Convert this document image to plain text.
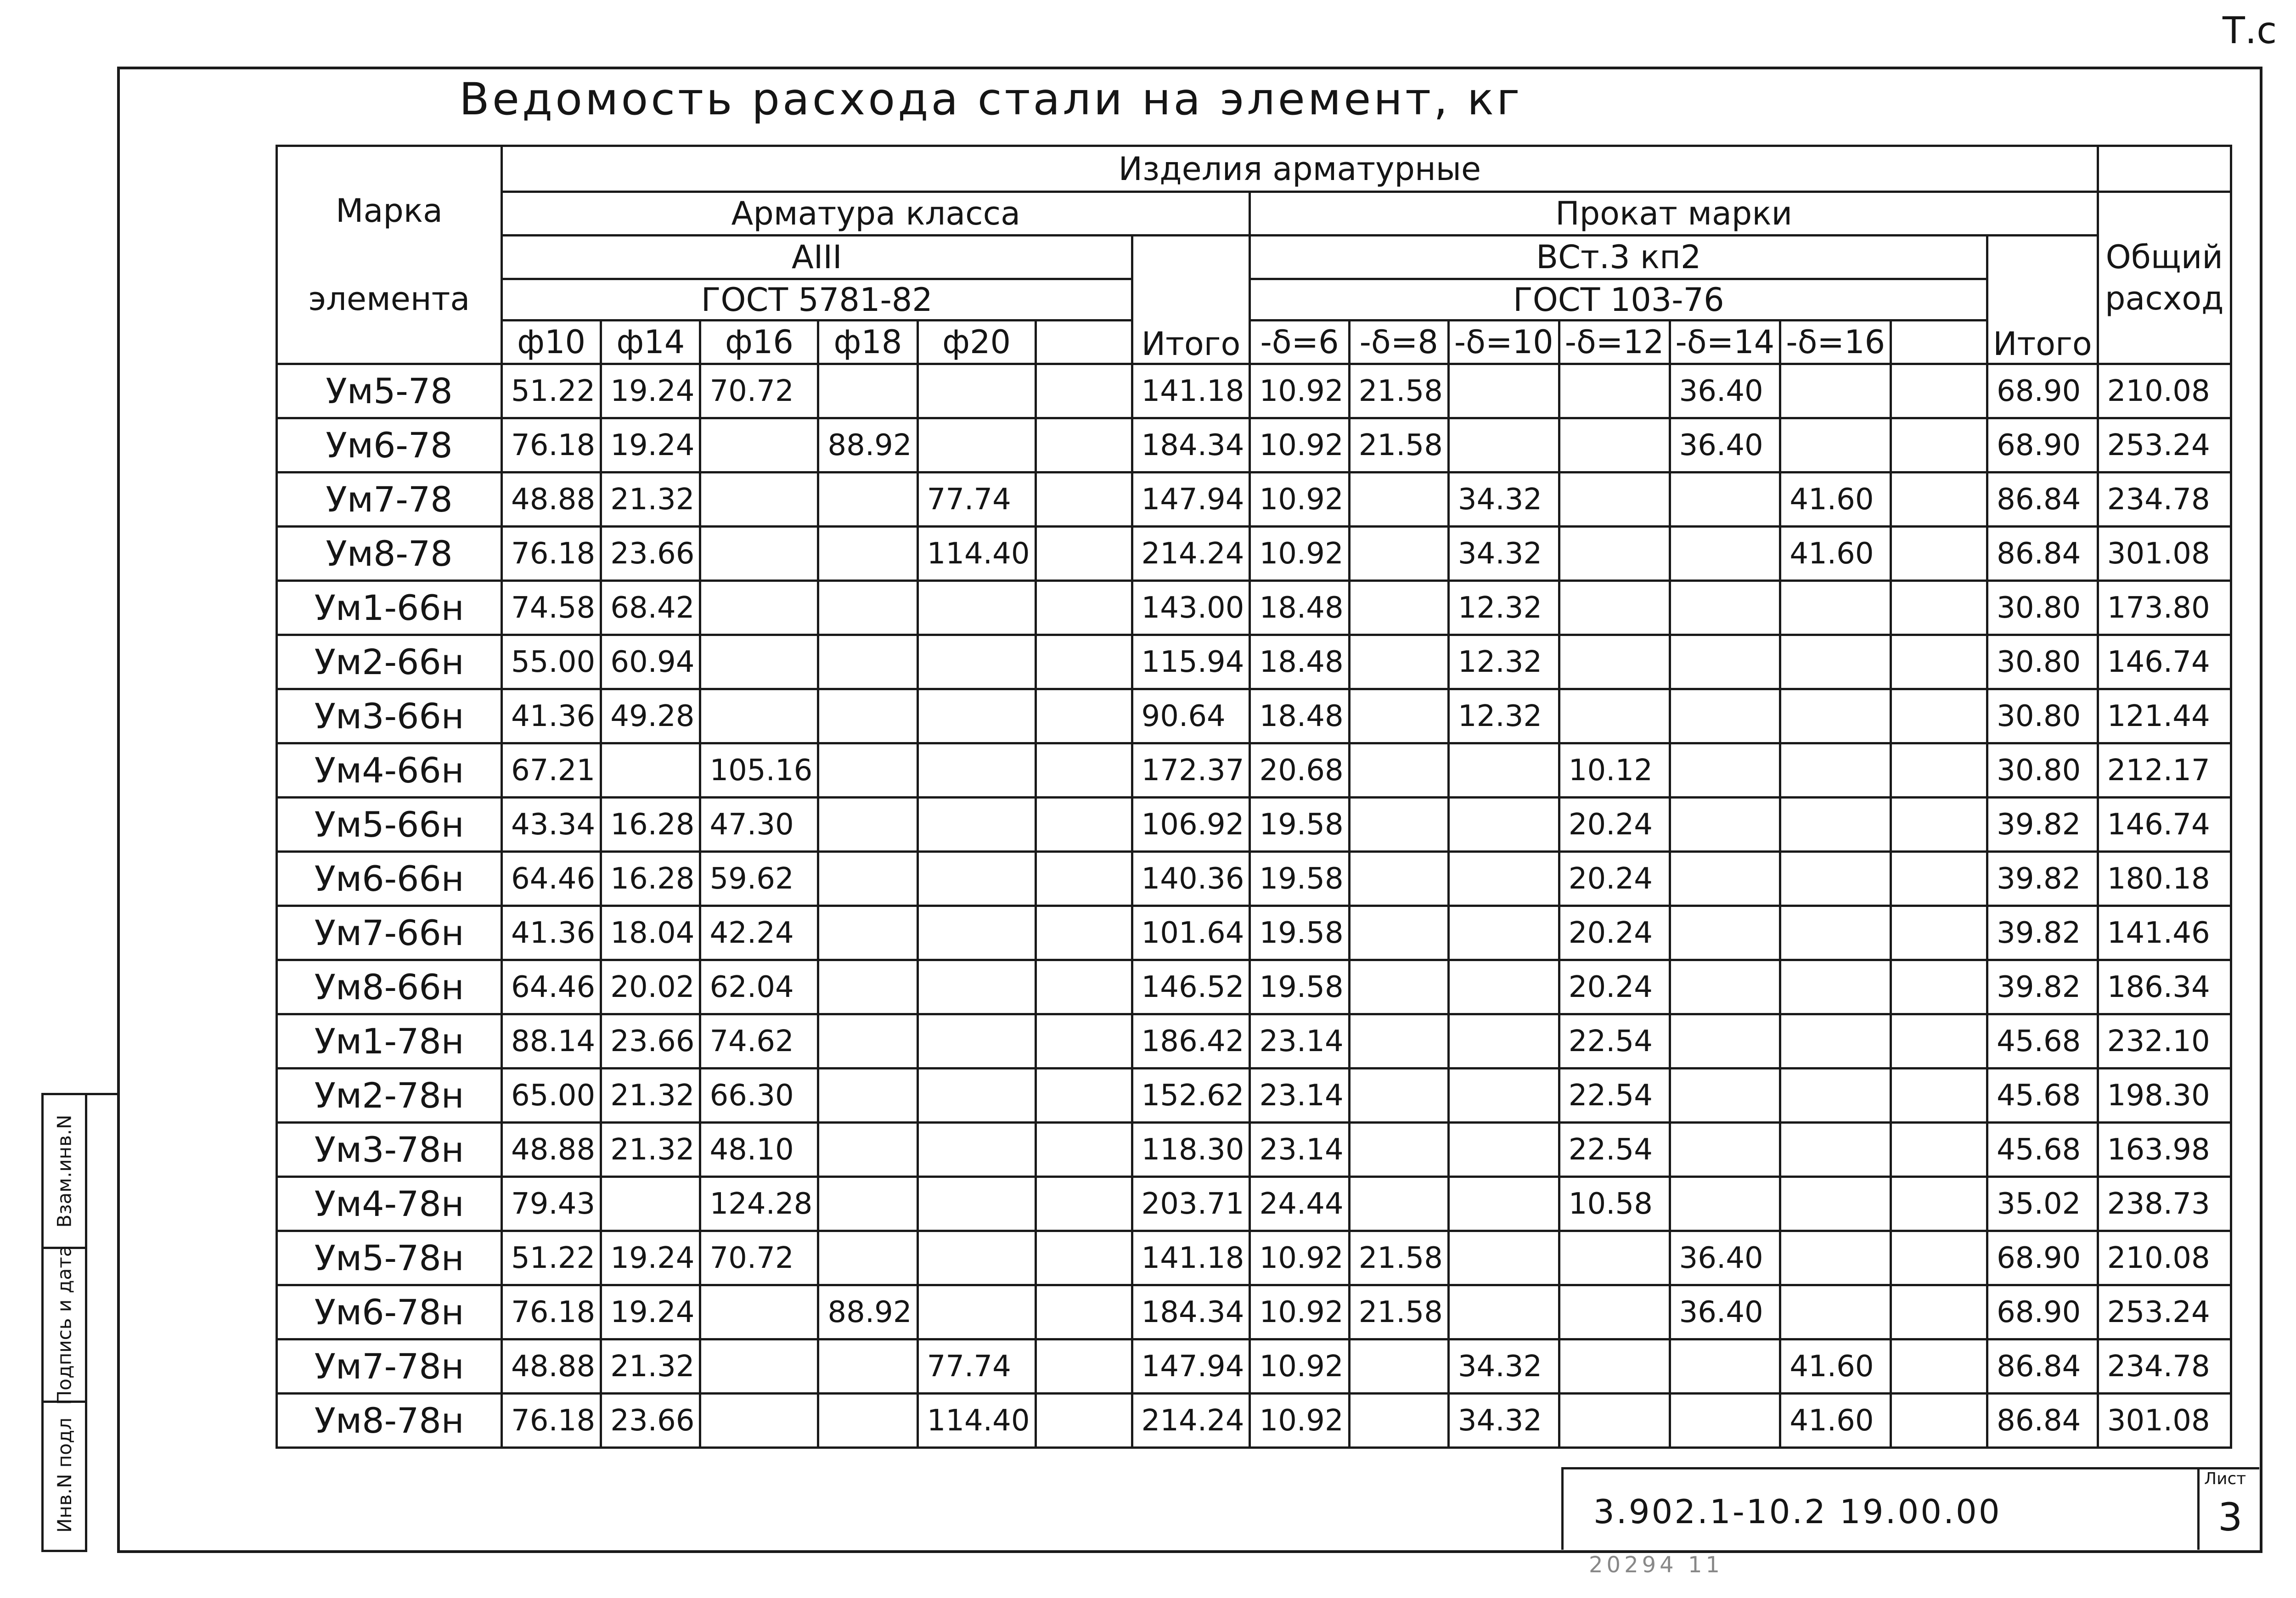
Т.с
Ведомость расхода стали на элемент, кг
Марка
элемента	Изделия арматурные															
	Арматура класса							Прокат марки								Общий расход

	AIII						Итого	ВСт.3 кп2							Итого	
	ГОСТ 5781-82							ГОСТ 103-76								
	ф10	ф14	ф16	ф18	ф20			-δ=6	-δ=8	-δ=10	-δ=12	-δ=14	-δ=16			
Ум5-78	51.22	19.24	70.72				141.18	10.92	21.58			36.40			68.90	210.08
Ум6-78	76.18	19.24		88.92			184.34	10.92	21.58			36.40			68.90	253.24
Ум7-78	48.88	21.32			77.74		147.94	10.92		34.32			41.60		86.84	234.78
Ум8-78	76.18	23.66			114.40		214.24	10.92		34.32			41.60		86.84	301.08
Ум1-66н	74.58	68.42					143.00	18.48		12.32					30.80	173.80
Ум2-66н	55.00	60.94					115.94	18.48		12.32					30.80	146.74
Ум3-66н	41.36	49.28					90.64	18.48		12.32					30.80	121.44
Ум4-66н	67.21		105.16				172.37	20.68			10.12				30.80	212.17
Ум5-66н	43.34	16.28	47.30				106.92	19.58			20.24				39.82	146.74
Ум6-66н	64.46	16.28	59.62				140.36	19.58			20.24				39.82	180.18
Ум7-66н	41.36	18.04	42.24				101.64	19.58			20.24				39.82	141.46
Ум8-66н	64.46	20.02	62.04				146.52	19.58			20.24				39.82	186.34
Ум1-78н	88.14	23.66	74.62				186.42	23.14			22.54				45.68	232.10
Ум2-78н	65.00	21.32	66.30				152.62	23.14			22.54				45.68	198.30
Ум3-78н	48.88	21.32	48.10				118.30	23.14			22.54				45.68	163.98
Ум4-78н	79.43		124.28				203.71	24.44			10.58				35.02	238.73
Ум5-78н	51.22	19.24	70.72				141.18	10.92	21.58			36.40			68.90	210.08
Ум6-78н	76.18	19.24		88.92			184.34	10.92	21.58			36.40			68.90	253.24
Ум7-78н	48.88	21.32			77.74		147.94	10.92		34.32			41.60		86.84	234.78
Ум8-78н	76.18	23.66			114.40		214.24	10.92		34.32			41.60		86.84	301.08
Взам.инв.N
Подпись и дата
Инв.N подл	3.902.1-10.2 19.00.00
Лист
3
20294 11
